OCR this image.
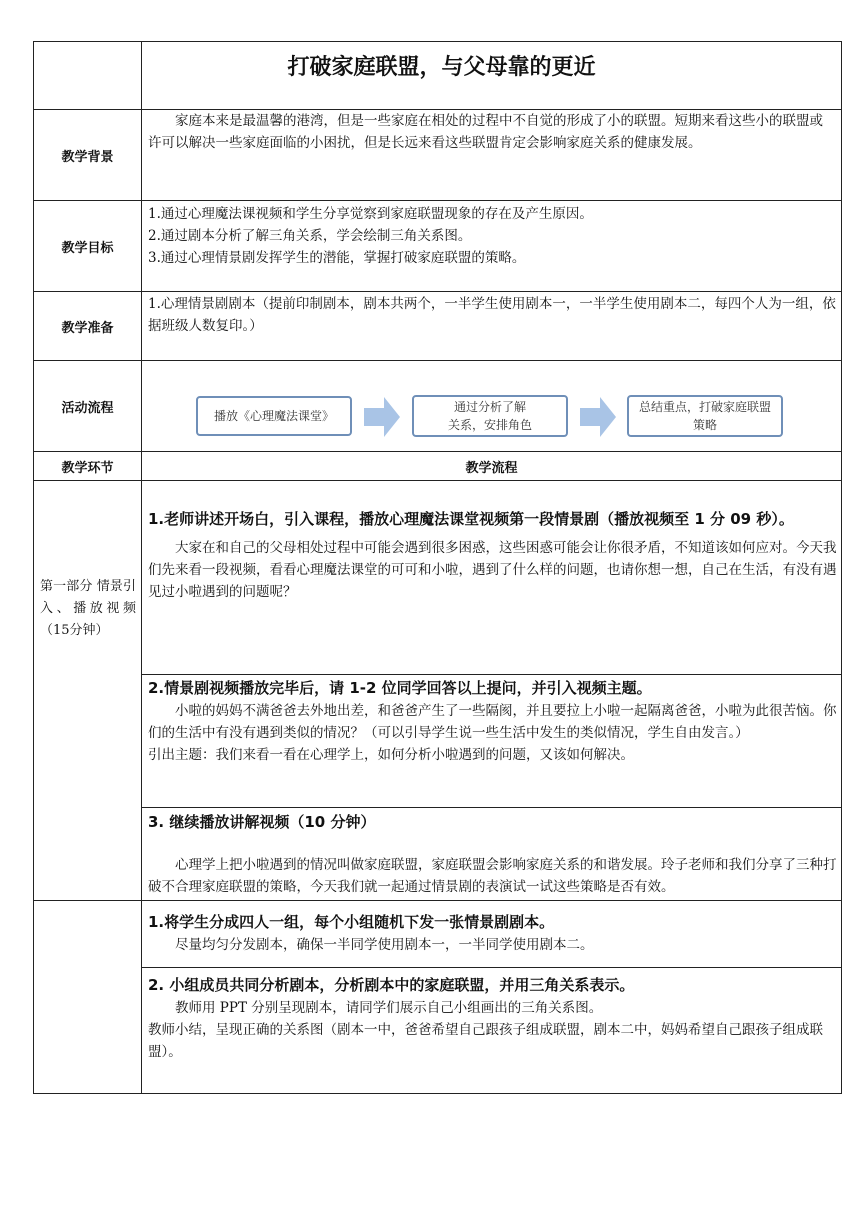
打破家庭联盟，与父母靠的更近
教学背景

家庭本来是最温馨的港湾，但是一些家庭在相处的过程中不自觉的形成了小的联盟。短期来看这些小的联盟或许可以解决一些家庭面临的小困扰，但是长远来看这些联盟肯定会影响家庭关系的健康发展。

教学目标

1.通过心理魔法课视频和学生分享觉察到家庭联盟现象的存在及产生原因。

2.通过剧本分析了解三角关系，学会绘制三角关系图。

3.通过心理情景剧发挥学生的潜能，掌握打破家庭联盟的策略。

教学准备

1.心理情景剧剧本（提前印制剧本，剧本共两个，一半学生使用剧本一，一半学生使用剧本二，每四个人为一组，依据班级人数复印。）

活动流程
播放《心理魔法课堂》
通过分析了解
关系，安排角色
总结重点，打破家庭联盟
策略
教学环节	教学流程
第一部分 情景引入、播放视频（15分钟）

1.老师讲述开场白，引入课程，播放心理魔法课堂视频第一段情景剧（播放视频至 1 分 09 秒）。

大家在和自己的父母相处过程中可能会遇到很多困惑，这些困惑可能会让你很矛盾，不知道该如何应对。今天我们先来看一段视频，看看心理魔法课堂的可可和小啦，遇到了什么样的问题，也请你想一想，自己在生活，有没有遇见过小啦遇到的问题呢？

2.情景剧视频播放完毕后，请 1-2 位同学回答以上提问，并引入视频主题。

小啦的妈妈不满爸爸去外地出差，和爸爸产生了一些隔阂，并且要拉上小啦一起隔离爸爸，小啦为此很苦恼。你们的生活中有没有遇到类似的情况？（可以引导学生说一些生活中发生的类似情况，学生自由发言。）

引出主题：我们来看一看在心理学上，如何分析小啦遇到的问题，又该如何解决。

3. 继续播放讲解视频（10 分钟）

心理学上把小啦遇到的情况叫做家庭联盟，家庭联盟会影响家庭关系的和谐发展。玲子老师和我们分享了三种打破不合理家庭联盟的策略，今天我们就一起通过情景剧的表演试一试这些策略是否有效。

1.将学生分成四人一组，每个小组随机下发一张情景剧剧本。

尽量均匀分发剧本，确保一半同学使用剧本一，一半同学使用剧本二。

2. 小组成员共同分析剧本，分析剧本中的家庭联盟，并用三角关系表示。

教师用 PPT 分别呈现剧本，请同学们展示自己小组画出的三角关系图。

教师小结，呈现正确的关系图（剧本一中，爸爸希望自己跟孩子组成联盟，剧本二中，妈妈希望自己跟孩子组成联盟）。
